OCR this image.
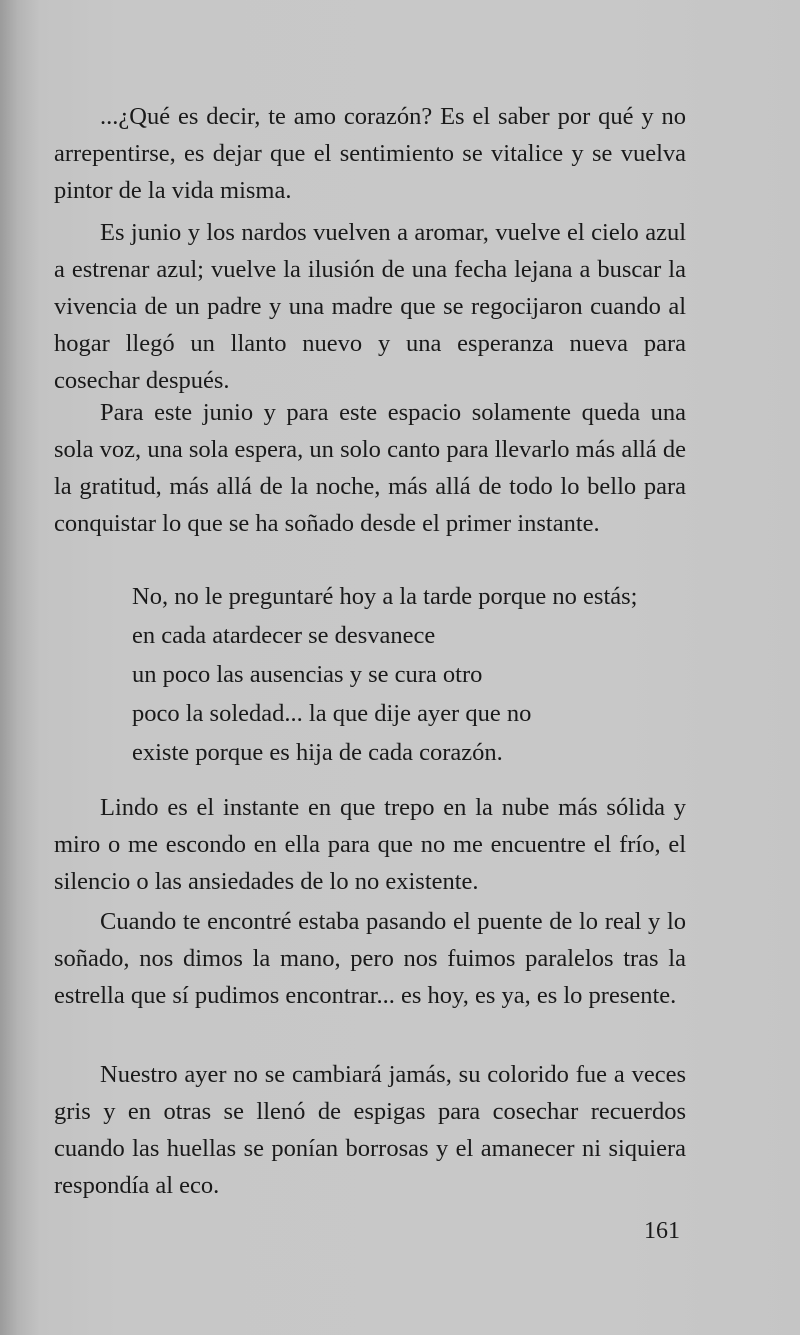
...¿Qué es decir, te amo corazón? Es el saber por qué y no arrepentirse, es dejar que el sentimiento se vitalice y se vuelva pintor de la vida misma.

Es junio y los nardos vuelven a aromar, vuelve el cielo azul a estrenar azul; vuelve la ilusión de una fecha lejana a buscar la vivencia de un padre y una madre que se regocijaron cuando al hogar llegó un llanto nuevo y una esperanza nueva para cosechar después.

Para este junio y para este espacio solamente queda una sola voz, una sola espera, un solo canto para llevarlo más allá de la gratitud, más allá de la noche, más allá de todo lo bello para conquistar lo que se ha soñado desde el primer instante.

No, no le preguntaré hoy a la tarde porque no estás;

en cada atardecer se desvanece

un poco las ausencias y se cura otro

poco la soledad... la que dije ayer que no

existe porque es hija de cada corazón.

Lindo es el instante en que trepo en la nube más sólida y miro o me escondo en ella para que no me encuentre el frío, el silencio o las ansiedades de lo no existente.

Cuando te encontré estaba pasando el puente de lo real y lo soñado, nos dimos la mano, pero nos fuimos paralelos tras la estrella que sí pudimos encontrar... es hoy, es ya, es lo presente.

Nuestro ayer no se cambiará jamás, su colorido fue a veces gris y en otras se llenó de espigas para cosechar recuerdos cuando las huellas se ponían borrosas y el amanecer ni siquiera respondía al eco.

161
